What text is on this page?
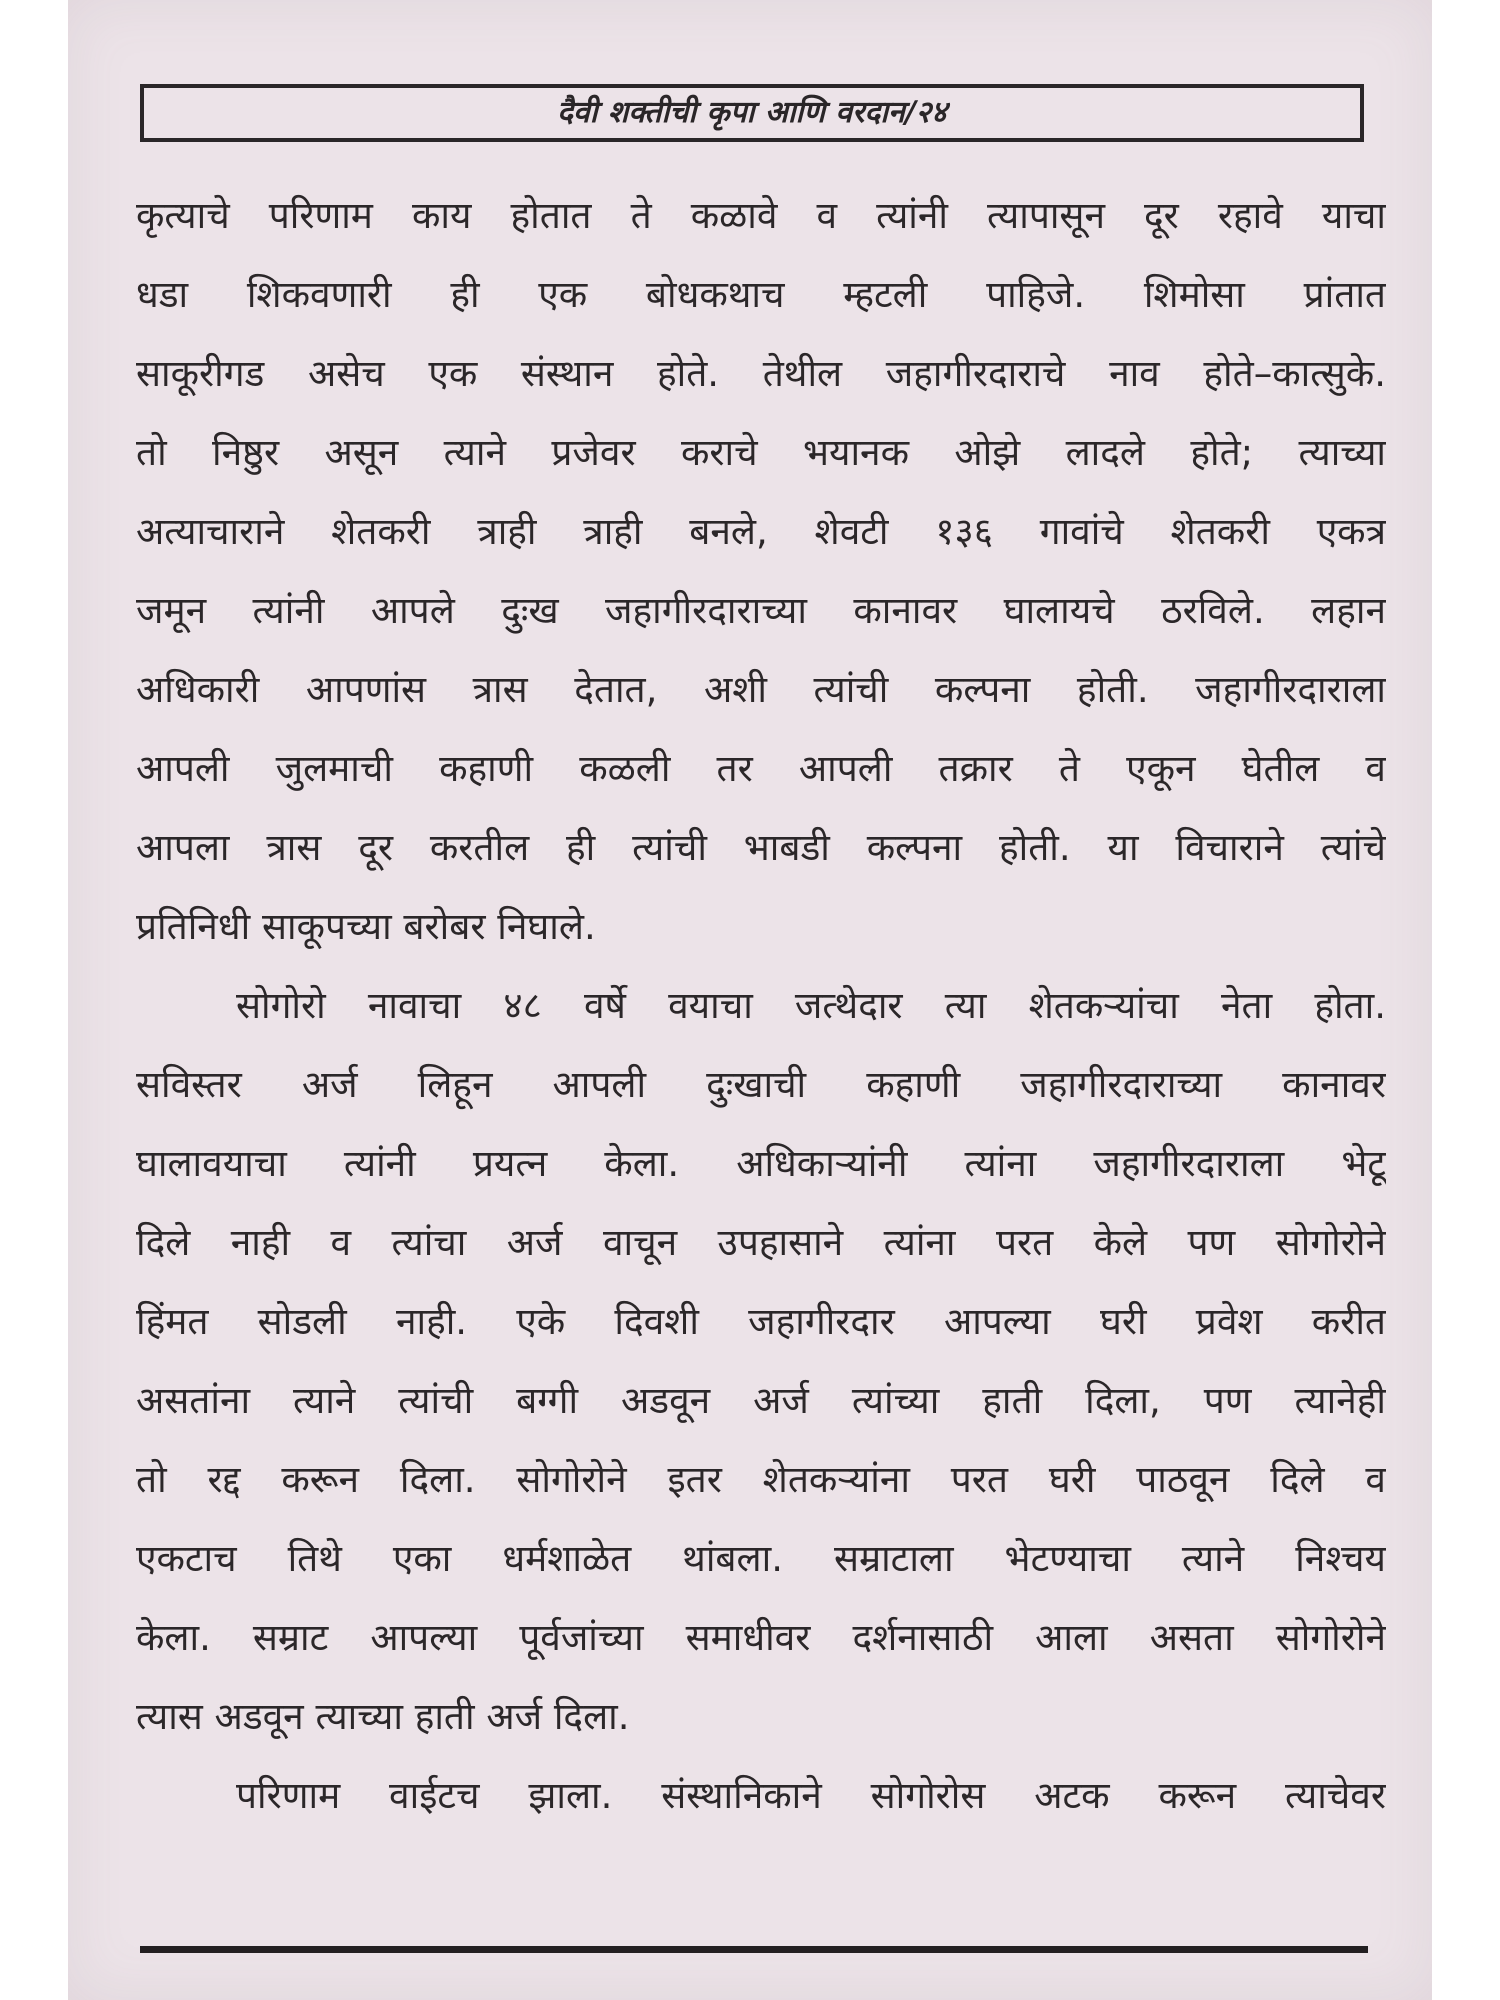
दैवी शक्तीची कृपा आणि वरदान/२४
कृत्याचे परिणाम काय होतात ते कळावे व त्यांनी त्यापासून दूर रहावे याचा
धडा शिकवणारी ही एक बोधकथाच म्हटली पाहिजे. शिमोसा प्रांतात
साकूरीगड असेच एक संस्थान होते. तेथील जहागीरदाराचे नाव होते–कात्सुके.
तो निष्ठुर असून त्याने प्रजेवर कराचे भयानक ओझे लादले होते; त्याच्या
अत्याचाराने शेतकरी त्राही त्राही बनले, शेवटी १३६ गावांचे शेतकरी एकत्र
जमून त्यांनी आपले दुःख जहागीरदाराच्या कानावर घालायचे ठरविले. लहान
अधिकारी आपणांस त्रास देतात, अशी त्यांची कल्पना होती. जहागीरदाराला
आपली जुलमाची कहाणी कळली तर आपली तक्रार ते एकून घेतील व
आपला त्रास दूर करतील ही त्यांची भाबडी कल्पना होती. या विचाराने त्यांचे
प्रतिनिधी साकूपच्या बरोबर निघाले.
सोगोरो नावाचा ४८ वर्षे वयाचा जत्थेदार त्या शेतकऱ्यांचा नेता होता.
सविस्तर अर्ज लिहून आपली दुःखाची कहाणी जहागीरदाराच्या कानावर
घालावयाचा त्यांनी प्रयत्न केला. अधिकाऱ्यांनी त्यांना जहागीरदाराला भेटू
दिले नाही व त्यांचा अर्ज वाचून उपहासाने त्यांना परत केले पण सोगोरोने
हिंमत सोडली नाही. एके दिवशी जहागीरदार आपल्या घरी प्रवेश करीत
असतांना त्याने त्यांची बग्गी अडवून अर्ज त्यांच्या हाती दिला, पण त्यानेही
तो रद्द करून दिला. सोगोरोने इतर शेतकऱ्यांना परत घरी पाठवून दिले व
एकटाच तिथे एका धर्मशाळेत थांबला. सम्राटाला भेटण्याचा त्याने निश्चय
केला. सम्राट आपल्या पूर्वजांच्या समाधीवर दर्शनासाठी आला असता सोगोरोने
त्यास अडवून त्याच्या हाती अर्ज दिला.
परिणाम वाईटच झाला. संस्थानिकाने सोगोरोस अटक करून त्याचेवर
